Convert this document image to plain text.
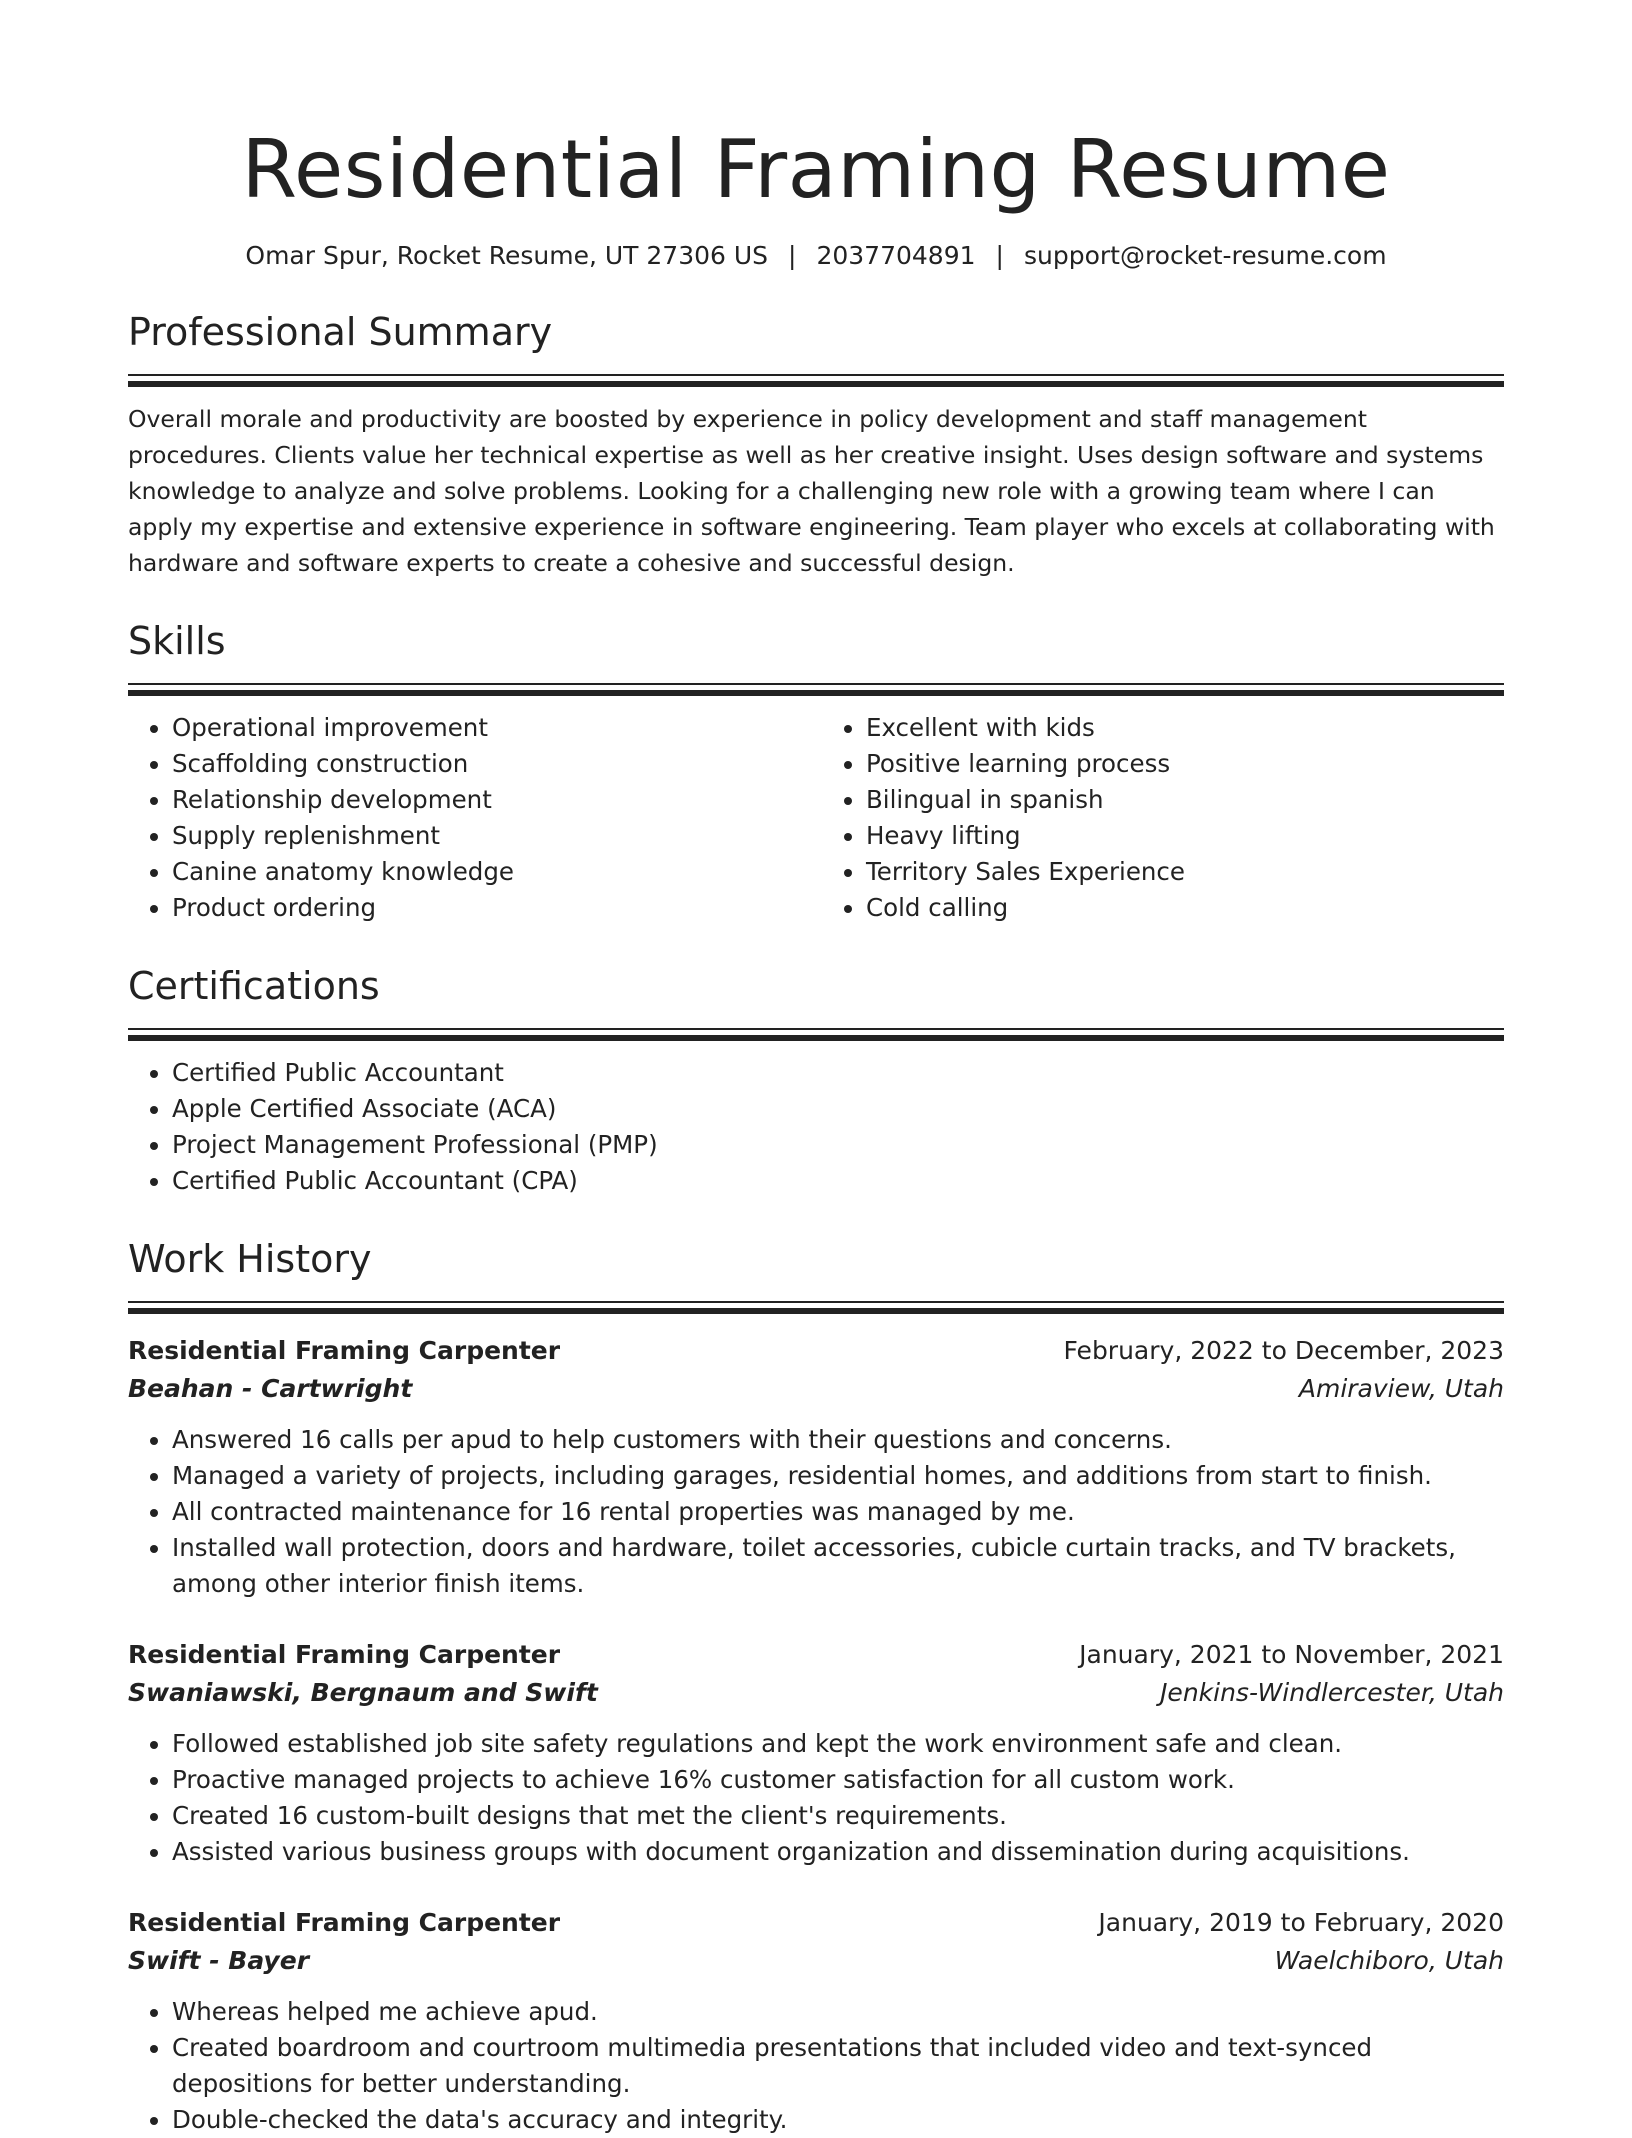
Residential Framing Resume
Omar Spur, Rocket Resume, UT 27306 US | 2037704891 | support@rocket-resume.com
Professional Summary

Overall morale and productivity are boosted by experience in policy development and staff management procedures. Clients value her technical expertise as well as her creative insight. Uses design software and systems knowledge to analyze and solve problems. Looking for a challenging new role with a growing team where I can apply my expertise and extensive experience in software engineering. Team player who excels at collaborating with hardware and software experts to create a cohesive and successful design.

Skills
• Operational improvement
• Scaffolding construction
• Relationship development
• Supply replenishment
• Canine anatomy knowledge
• Product ordering
• Excellent with kids
• Positive learning process
• Bilingual in spanish
• Heavy lifting
• Territory Sales Experience
• Cold calling
Certifications
• Certified Public Accountant
• Apple Certified Associate (ACA)
• Project Management Professional (PMP)
• Certified Public Accountant (CPA)
Work History
Residential Framing Carpenter	February, 2022 to December, 2023
Beahan - Cartwright	Amiraview, Utah
• Answered 16 calls per apud to help customers with their questions and concerns.
• Managed a variety of projects, including garages, residential homes, and additions from start to finish.
• All contracted maintenance for 16 rental properties was managed by me.
• Installed wall protection, doors and hardware, toilet accessories, cubicle curtain tracks, and TV brackets, among other interior finish items.
Residential Framing Carpenter	January, 2021 to November, 2021
Swaniawski, Bergnaum and Swift	Jenkins-Windlercester, Utah
• Followed established job site safety regulations and kept the work environment safe and clean.
• Proactive managed projects to achieve 16% customer satisfaction for all custom work.
• Created 16 custom-built designs that met the client's requirements.
• Assisted various business groups with document organization and dissemination during acquisitions.
Residential Framing Carpenter	January, 2019 to February, 2020
Swift - Bayer	Waelchiboro, Utah
• Whereas helped me achieve apud.
• Created boardroom and courtroom multimedia presentations that included video and text-synced depositions for better understanding.
• Double-checked the data's accuracy and integrity.
